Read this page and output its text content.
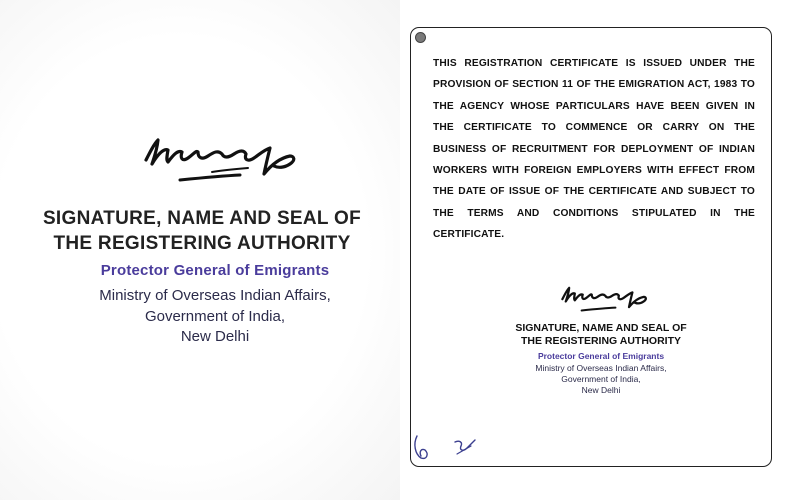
SIGNATURE, NAME AND SEAL OF
THE REGISTERING AUTHORITY
Protector General of Emigrants
Ministry of Overseas Indian Affairs,
Government of India,
New Delhi
THIS REGISTRATION CERTIFICATE IS ISSUED UNDER THE PROVISION OF SECTION 11 OF THE EMIGRATION ACT, 1983 TO THE AGENCY WHOSE PARTICULARS HAVE BEEN GIVEN IN THE CERTIFICATE TO COMMENCE OR CARRY ON THE BUSINESS OF RECRUITMENT FOR DEPLOYMENT OF INDIAN WORKERS WITH FOREIGN EMPLOYERS WITH EFFECT FROM THE DATE OF ISSUE OF THE CERTIFICATE AND SUBJECT TO THE TERMS AND CONDITIONS STIPULATED IN THE CERTIFICATE.
SIGNATURE, NAME AND SEAL OF
THE REGISTERING AUTHORITY
Protector General of Emigrants
Ministry of Overseas Indian Affairs,
Government of India,
New Delhi
